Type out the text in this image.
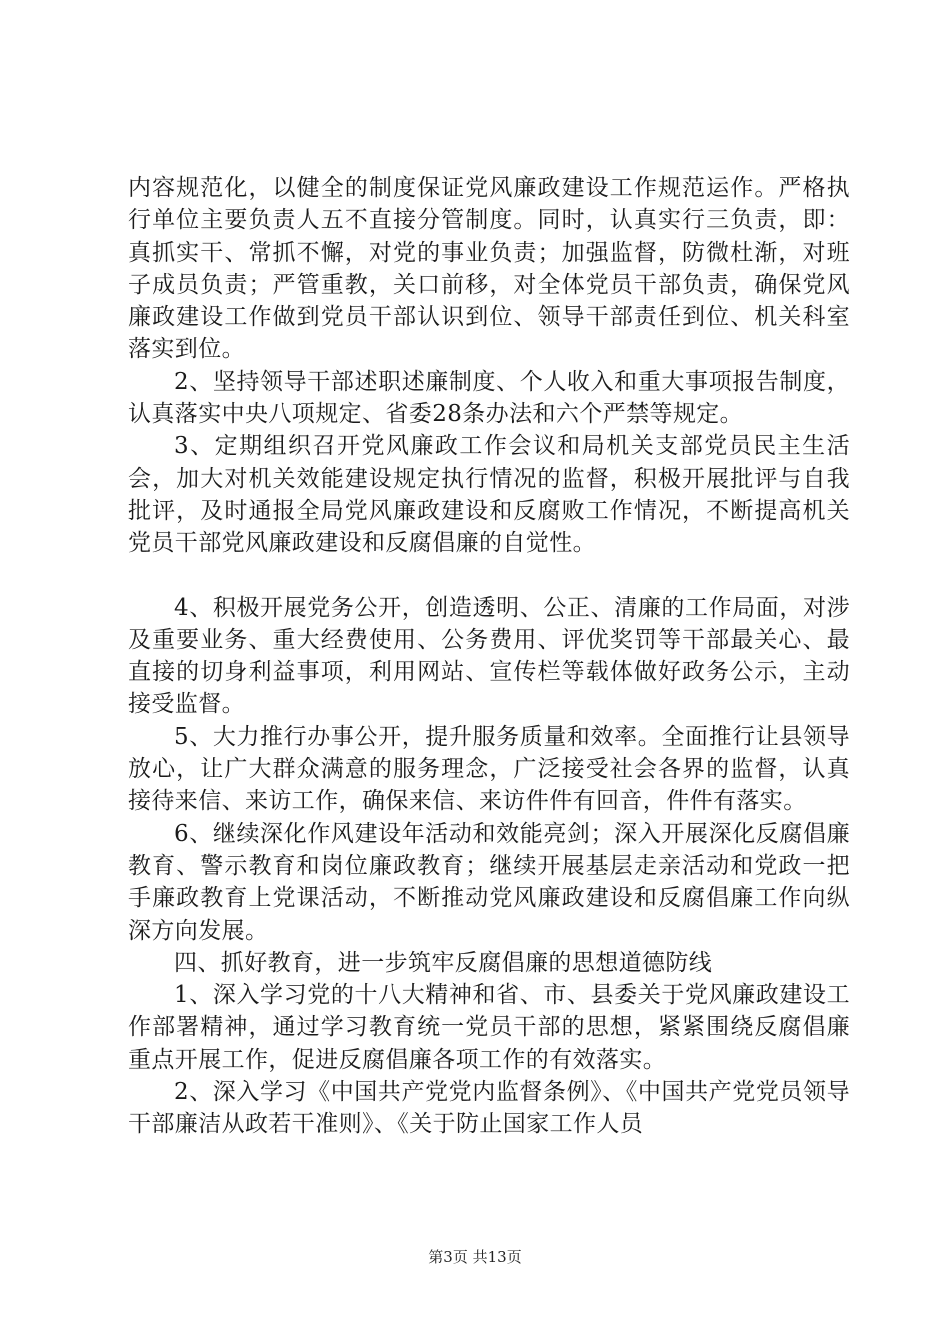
内容规范化，以健全的制度保证党风廉政建设工作规范运作。严格执行单位主要负责人五不直接分管制度。同时，认真实行三负责，即：真抓实干、常抓不懈，对党的事业负责；加强监督，防微杜渐，对班子成员负责；严管重教，关口前移，对全体党员干部负责，确保党风廉政建设工作做到党员干部认识到位、领导干部责任到位、机关科室落实到位。

2、坚持领导干部述职述廉制度、个人收入和重大事项报告制度，认真落实中央八项规定、省委28条办法和六个严禁等规定。

3、定期组织召开党风廉政工作会议和局机关支部党员民主生活会，加大对机关效能建设规定执行情况的监督，积极开展批评与自我批评，及时通报全局党风廉政建设和反腐败工作情况，不断提高机关党员干部党风廉政建设和反腐倡廉的自觉性。

4、积极开展党务公开，创造透明、公正、清廉的工作局面，对涉及重要业务、重大经费使用、公务费用、评优奖罚等干部最关心、最直接的切身利益事项，利用网站、宣传栏等载体做好政务公示，主动接受监督。

5、大力推行办事公开，提升服务质量和效率。全面推行让县领导放心，让广大群众满意的服务理念，广泛接受社会各界的监督，认真接待来信、来访工作，确保来信、来访件件有回音，件件有落实。

6、继续深化作风建设年活动和效能亮剑；深入开展深化反腐倡廉教育、警示教育和岗位廉政教育；继续开展基层走亲活动和党政一把手廉政教育上党课活动，不断推动党风廉政建设和反腐倡廉工作向纵深方向发展。

四、抓好教育，进一步筑牢反腐倡廉的思想道德防线

1、深入学习党的十八大精神和省、市、县委关于党风廉政建设工作部署精神，通过学习教育统一党员干部的思想，紧紧围绕反腐倡廉重点开展工作，促进反腐倡廉各项工作的有效落实。

2、深入学习《中国共产党党内监督条例》、《中国共产党党员领导干部廉洁从政若干准则》、《关于防止国家工作人员

第3页 共13页
